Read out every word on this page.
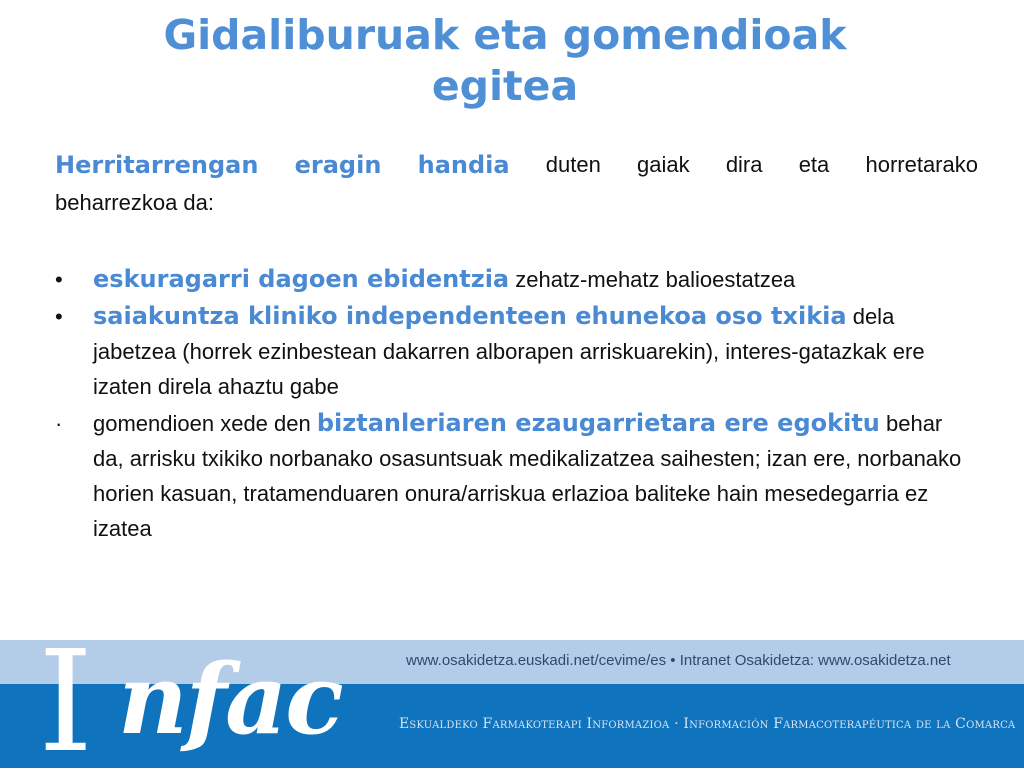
Gidaliburuak eta gomendioak
egitea
Herritarrengan eragin handia duten gaiak dira eta horretarako
beharrezkoa da:
•	eskuragarri dagoen ebidentzia zehatz-mehatz balioestatzea
•	saiakuntza kliniko independenteen ehunekoa oso txikia dela jabetzea (horrek ezinbestean dakarren alborapen arriskuarekin), interes-gatazkak ere izaten direla ahaztu gabe
·	gomendioen xede den biztanleriaren ezaugarrietara ere egokitu behar da, arrisku txikiko norbanako osasuntsuak medikalizatzea saihesten; izan ere, norbanako horien kasuan, tratamenduaren onura/arriskua erlazioa baliteke hain mesedegarria ez izatea
I nfac	www.osakidetza.euskadi.net/cevime/es • Intranet Osakidetza: www.osakidetza.net
Eskualdeko Farmakoterapi Informazioa · Información Farmacoterapéutica de la Comarca
